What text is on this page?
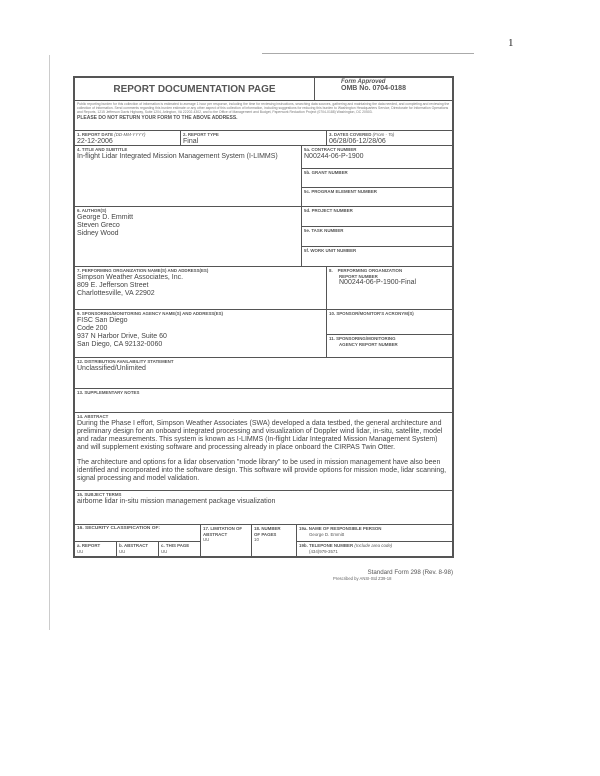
1
REPORT DOCUMENTATION PAGE
Form Approved
OMB No. 0704-0188
Public reporting burden for this collection of information is estimated to average 1 hour per response, including the time for reviewing instructions, searching data sources, gathering and maintaining the data needed, and completing and reviewing the collection of information. Send comments regarding this burden estimate or any other aspect of this collection of information, including suggestions for reducing this burden to Washington Headquarters Service, Directorate for Information Operations and Reports, 1215 Jefferson Davis Highway, Suite 1204, Arlington, VA 22202-4302, and to the Office of Management and Budget, Paperwork Reduction Project (0704-0188) Washington, DC 20503.
PLEASE DO NOT RETURN YOUR FORM TO THE ABOVE ADDRESS.
1. REPORT DATE (DD-MM-YYYY)
22-12-2006
2. REPORT TYPE
Final
3. DATES COVERED (From - To)
06/28/06-12/28/06
4. TITLE AND SUBTITLE
In-flight Lidar Integrated Mission Management System (I-LIMMS)
5a. CONTRACT NUMBER
N00244-06-P-1900
5b. GRANT NUMBER
5c. PROGRAM ELEMENT NUMBER
6. AUTHOR(S)
George D. Emmitt
Steven Greco
Sidney Wood
5d. PROJECT NUMBER
5e. TASK NUMBER
5f. WORK UNIT NUMBER
7. PERFORMING ORGANIZATION NAME(S) AND ADDRESS(ES)
Simpson Weather Associates, Inc.
809 E. Jefferson Street
Charlottesville, VA 22902
8. PERFORMING ORGANIZATION
REPORT NUMBER
N00244-06-P-1900-Final
9. SPONSORING/MONITORING AGENCY NAME(S) AND ADDRESS(ES)
FISC San Diego
Code 200
937 N Harbor Drive, Suite 60
San Diego, CA 92132-0060
10. SPONSOR/MONITOR'S ACRONYM(S)
11. SPONSORING/MONITORING
AGENCY REPORT NUMBER
12. DISTRIBUTION AVAILABILITY STATEMENT
Unclassified/Unlimited
13. SUPPLEMENTARY NOTES
14. ABSTRACT
During the Phase I effort, Simpson Weather Associates (SWA) developed a data testbed, the general architecture and preliminary design for an onboard integrated processing and visualization of Doppler wind lidar, in-situ, satellite, model and radar measurements. This system is known as I-LIMMS (In-flight Lidar Integrated Mission Management System) and will supplement existing software and processing already in place onboard the CIRPAS Twin Otter.
The architecture and options for a lidar observation "mode library" to be used in mission management have also been identified and incorporated into the software design. This software will provide options for mission mode, lidar scanning, signal processing and model validation.
15. SUBJECT TERMS
airborne lidar in-situ mission management package visualization
16. SECURITY CLASSIFICATION OF:
a. REPORT
UU
b. ABSTRACT
UU
c. THIS PAGE
UU
17. LIMITATION OF
ABSTRACT
UU
18. NUMBER
OF PAGES
10
19a. NAME OF RESPONSIBLE PERSON
George D. Emmitt
19b. TELEPONE NUMBER (Include area code)
(434)979-3571
Standard Form 298 (Rev. 8-98)
Prescribed by ANSI-Std Z39-18
